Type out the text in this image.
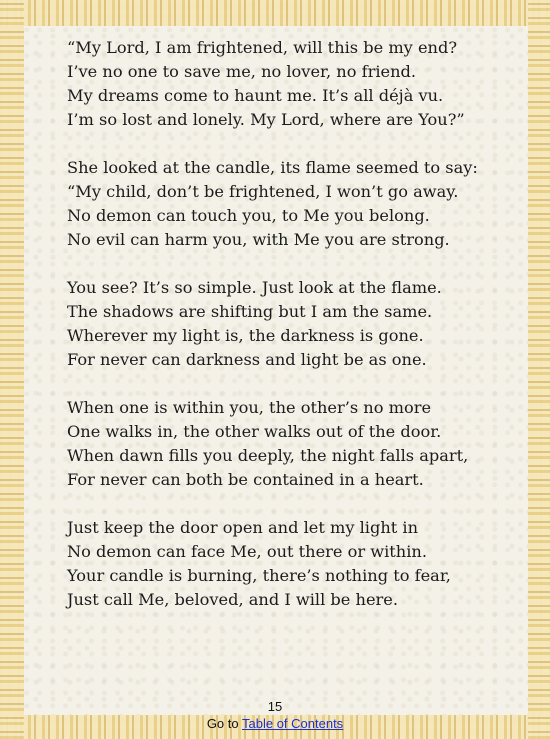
“My Lord, I am frightened, will this be my end?
I’ve no one to save me, no lover, no friend.
My dreams come to haunt me. It’s all déjà vu.
I’m so lost and lonely. My Lord, where are You?”
She looked at the candle, its flame seemed to say:
“My child, don’t be frightened, I won’t go away.
No demon can touch you, to Me you belong.
No evil can harm you, with Me you are strong.
You see? It’s so simple. Just look at the flame.
The shadows are shifting but I am the same.
Wherever my light is, the darkness is gone.
For never can darkness and light be as one.
When one is within you, the other’s no more
One walks in, the other walks out of the door.
When dawn fills you deeply, the night falls apart,
For never can both be contained in a heart.
Just keep the door open and let my light in
No demon can face Me, out there or within.
Your candle is burning, there’s nothing to fear,
Just call Me, beloved, and I will be here.
15
Go to Table of Contents
